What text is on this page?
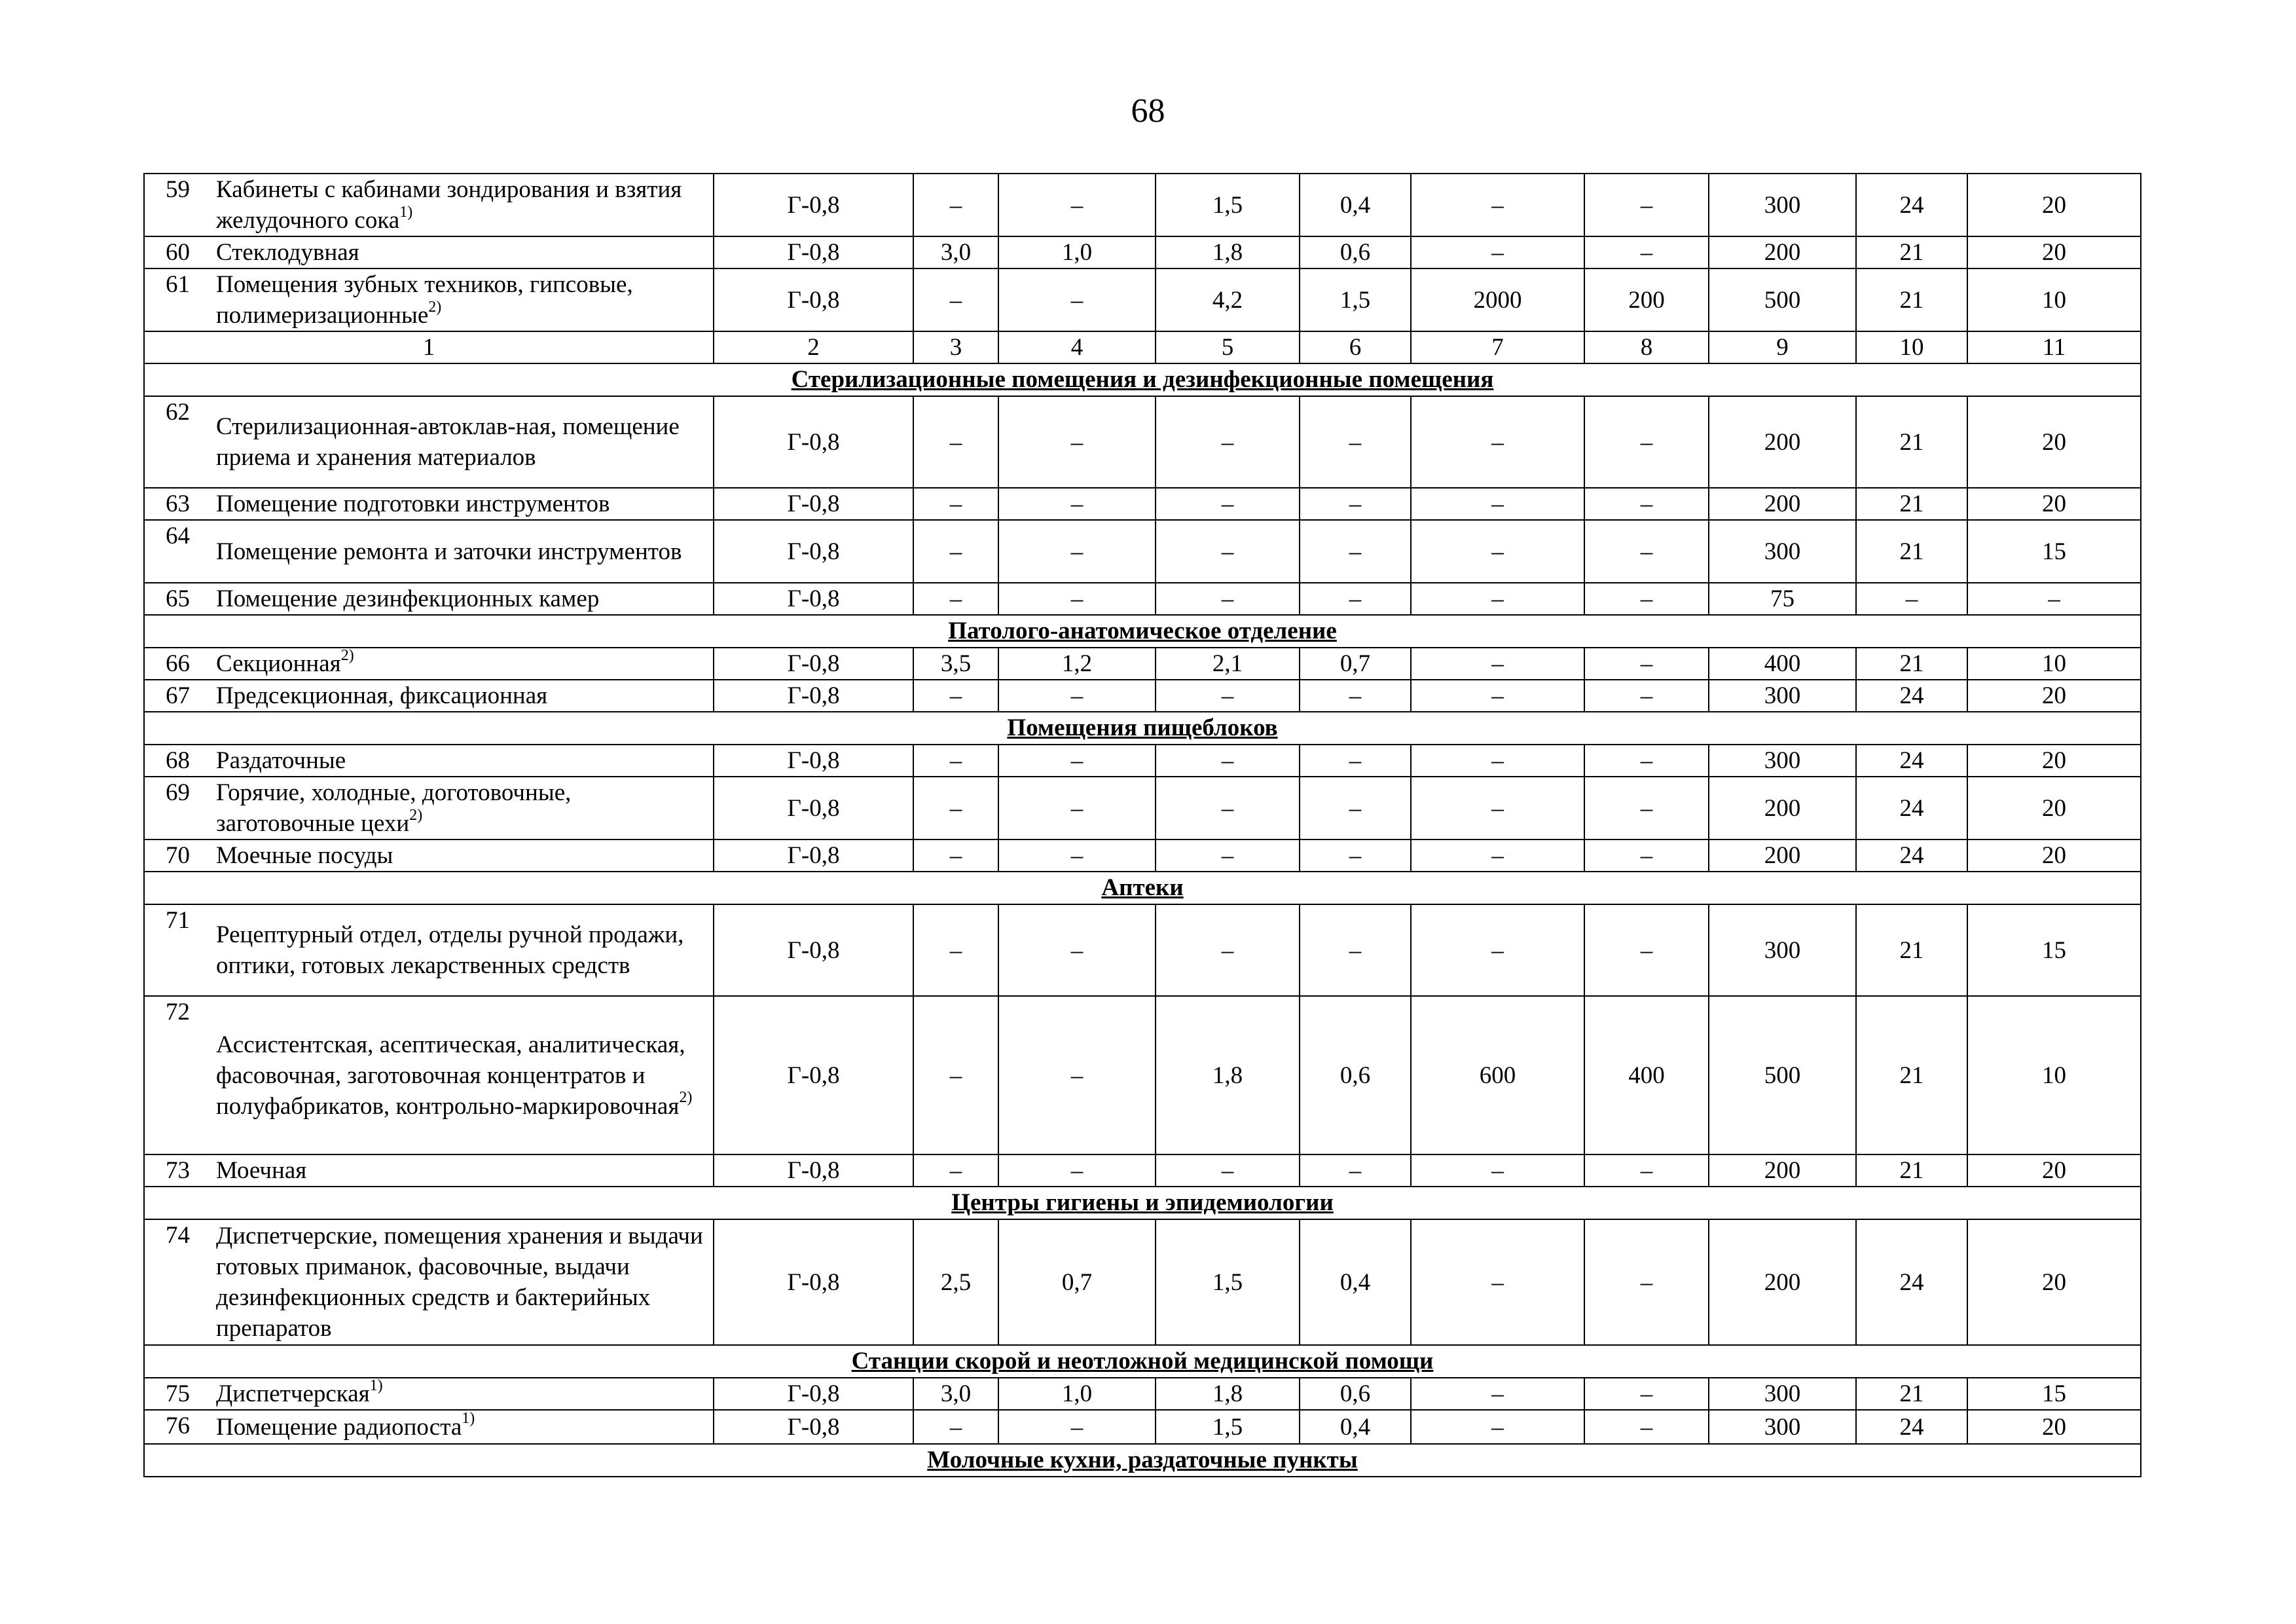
68
59	Кабинеты с кабинами зондирования и взятия желудочного сока$^{1)}$	Г-0,8	–	–	1,5	0,4	–	–	300	24	20
60	Стеклодувная	Г-0,8	3,0	1,0	1,8	0,6	–	–	200	21	20
61	Помещения зубных техников, гипсовые, полимеризационные$^{2)}$	Г-0,8	–	–	4,2	1,5	2000	200	500	21	10
1		2	3	4	5	6	7	8	9	10	11
Стерилизационные помещения и дезинфекционные помещения											
62	Стерилизационная-автоклав-ная, помещение приема и хранения материалов	Г-0,8	–	–	–	–	–	–	200	21	20
63	Помещение подготовки инструментов	Г-0,8	–	–	–	–	–	–	200	21	20
64	Помещение ремонта и заточки инструментов	Г-0,8	–	–	–	–	–	–	300	21	15
65	Помещение дезинфекционных камер	Г-0,8	–	–	–	–	–	–	75	–	–
Патолого-анатомическое отделение											
66	Секционная$^{2)}$	Г-0,8	3,5	1,2	2,1	0,7	–	–	400	21	10
67	Предсекционная, фиксационная	Г-0,8	–	–	–	–	–	–	300	24	20
Помещения пищеблоков											
68	Раздаточные	Г-0,8	–	–	–	–	–	–	300	24	20
69	Горячие, холодные, доготовочные, заготовочные цехи$^{2)}$	Г-0,8	–	–	–	–	–	–	200	24	20
70	Моечные посуды	Г-0,8	–	–	–	–	–	–	200	24	20
Аптеки											
71	Рецептурный отдел, отделы ручной продажи, оптики, готовых лекарственных средств	Г-0,8	–	–	–	–	–	–	300	21	15
72	Ассистентская, асептическая, аналитическая, фасовочная, заготовочная концентратов и полуфабрикатов, контрольно-маркировочная$^{2)}$	Г-0,8	–	–	1,8	0,6	600	400	500	21	10
73	Моечная	Г-0,8	–	–	–	–	–	–	200	21	20
Центры гигиены и эпидемиологии											
74	Диспетчерские, помещения хранения и выдачи готовых приманок, фасовочные, выдачи дезинфекционных средств и бактерийных препаратов	Г-0,8	2,5	0,7	1,5	0,4	–	–	200	24	20
Станции скорой и неотложной медицинской помощи											
75	Диспетчерская$^{1)}$	Г-0,8	3,0	1,0	1,8	0,6	–	–	300	21	15
76	Помещение радиопоста$^{1)}$	Г-0,8	–	–	1,5	0,4	–	–	300	24	20
Молочные кухни, раздаточные пункты											
